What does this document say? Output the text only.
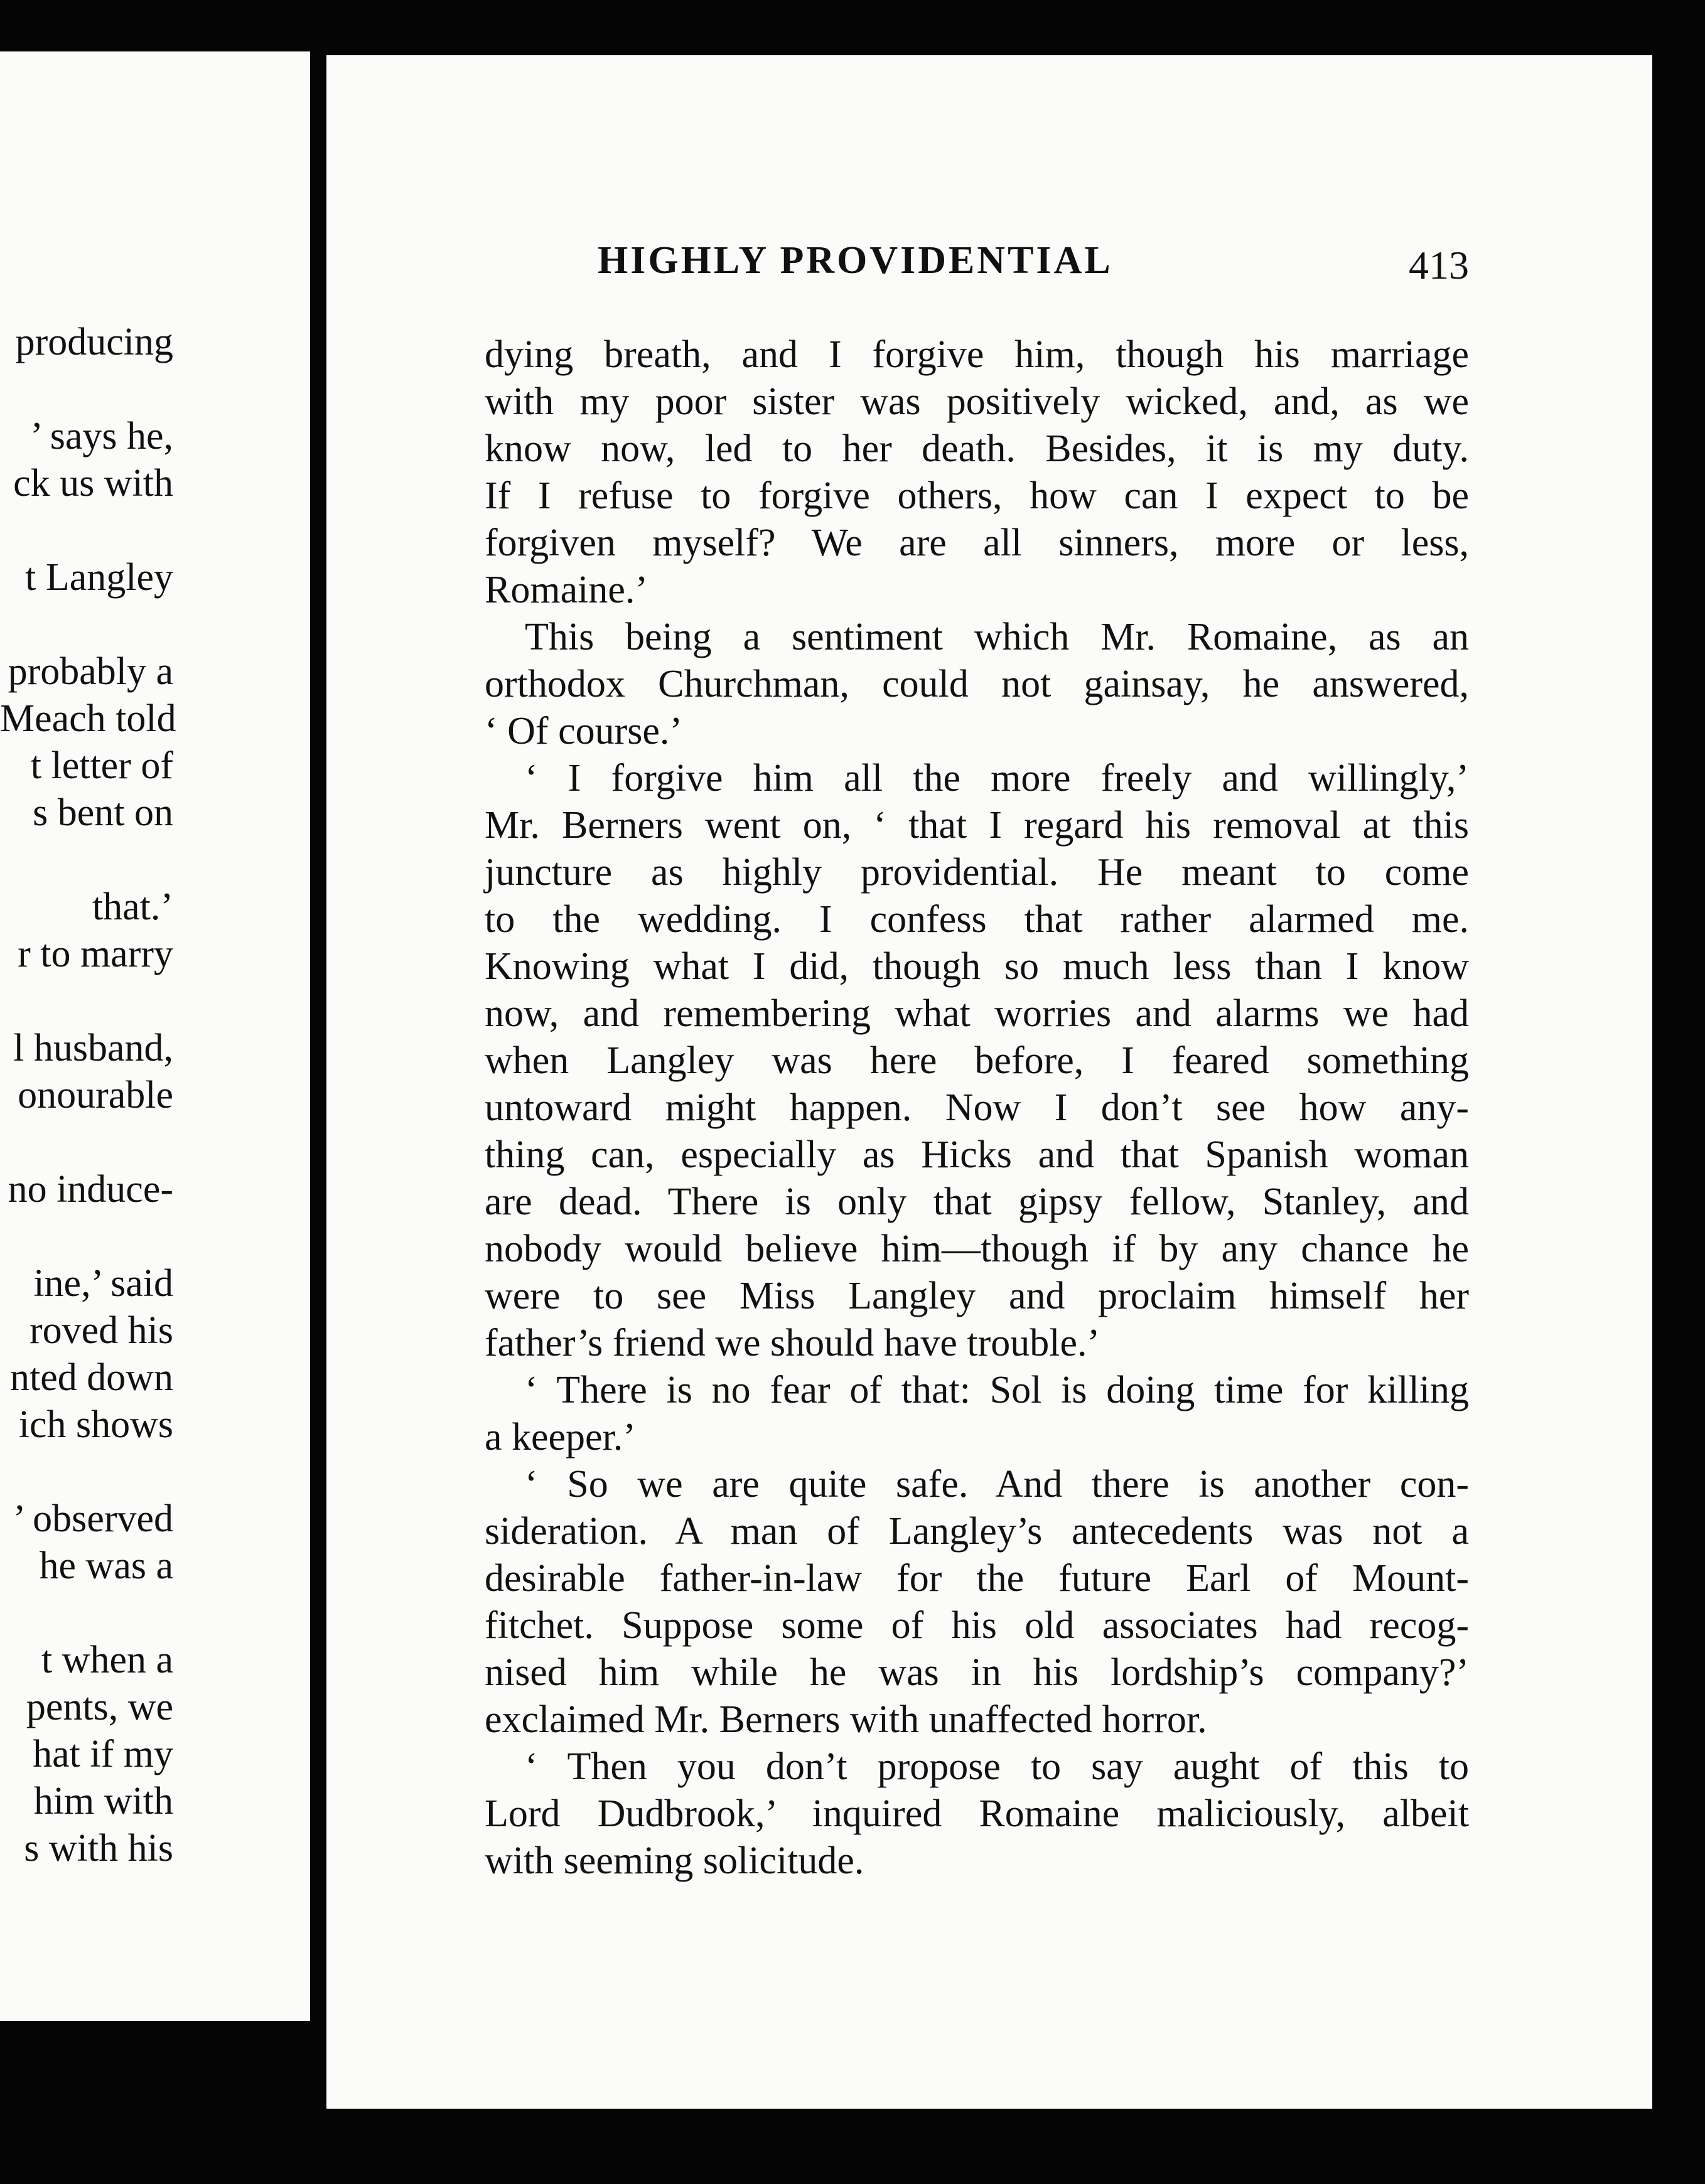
HIGHLY PROVIDENTIAL	413
dying breath, and I forgive him, though his marriage
with my poor sister was positively wicked, and, as we
know now, led to her death. Besides, it is my duty.
If I refuse to forgive others, how can I expect to be
forgiven myself? We are all sinners, more or less,
Romaine.’
This being a sentiment which Mr. Romaine, as an
orthodox Churchman, could not gainsay, he answered,
‘ Of course.’
‘ I forgive him all the more freely and willingly,’
Mr. Berners went on, ‘ that I regard his removal at this
juncture as highly providential. He meant to come
to the wedding. I confess that rather alarmed me.
Knowing what I did, though so much less than I know
now, and remembering what worries and alarms we had
when Langley was here before, I feared something
untoward might happen. Now I don’t see how any-
thing can, especially as Hicks and that Spanish woman
are dead. There is only that gipsy fellow, Stanley, and
nobody would believe him—though if by any chance he
were to see Miss Langley and proclaim himself her
father’s friend we should have trouble.’
‘ There is no fear of that: Sol is doing time for killing
a keeper.’
‘ So we are quite safe. And there is another con-
sideration. A man of Langley’s antecedents was not a
desirable father-in-law for the future Earl of Mount-
fitchet. Suppose some of his old associates had recog-
nised him while he was in his lordship’s company?’
exclaimed Mr. Berners with unaffected horror.
‘ Then you don’t propose to say aught of this to
Lord Dudbrook,’ inquired Romaine maliciously, albeit
with seeming solicitude.
producing
’ says he,
ck us with
t Langley
probably a
Meach told
t letter of
s bent on
that.’
r to marry
l husband,
onourable
no induce-
ine,’ said
roved his
nted down
ich shows
’ observed
he was a
t when a
pents, we
hat if my
him with
s with his
